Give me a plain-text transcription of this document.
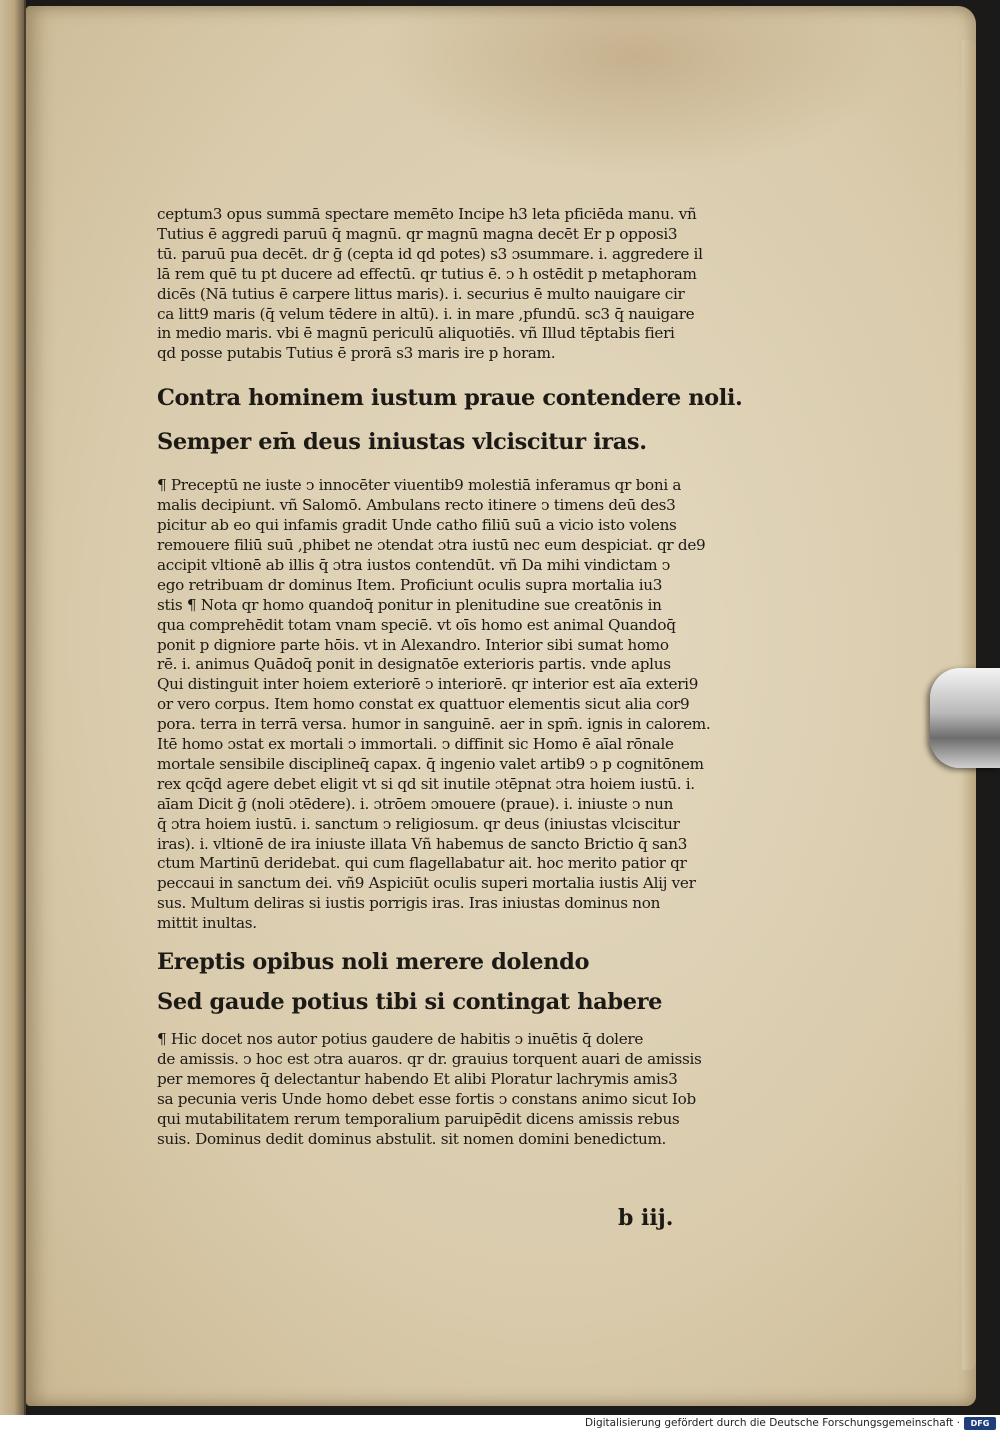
ceptum3 opus summā spectare memēto Incipe h3 leta pficiēda manu. vñ

Tutius ē aggredi paruū q̄ magnū. qr magnū magna decēt Er p opposi3

tū. paruū pua decēt. dr ḡ (cepta id qd potes) s3 ɔsummare. i. aggredere il

lā rem quē tu pt ducere ad effectū. qr tutius ē. ↄ h ostēdit p metaphoram

dicēs (Nā tutius ē carpere littus maris). i. securius ē multo nauigare cir

ca litt9 maris (q̄ velum tēdere in altū). i. in mare ,pfundū. sc3 q̄ nauigare

in medio maris. vbi ē magnū periculū aliquotiēs. vñ Illud tēptabis fieri

qd posse putabis Tutius ē prorā s3 maris ire p horam.

Contra hominem iustum praue contendere noli.

Semper em̄ deus iniustas vlciscitur iras.

¶ Preceptū ne iuste ↄ innocēter viuentib9 molestiā inferamus qr boni a

malis decipiunt. vñ Salomō. Ambulans recto itinere ↄ timens deū des3

picitur ab eo qui infamis gradit Unde catho filiū suū a vicio isto volens

remouere filiū suū ,phibet ne ɔtendat ɔtra iustū nec eum despiciat. qr de9

accipit vltionē ab illis q̄ ɔtra iustos contendūt. vñ Da mihi vindictam ↄ

ego retribuam dr dominus Item. Proficiunt oculis supra mortalia iu3

stis ¶ Nota qr homo quandoq̄ ponitur in plenitudine sue creatōnis in

qua comprehēdit totam vnam speciē. vt oīs homo est animal Quandoq̄

ponit p digniore parte hōis. vt in Alexandro. Interior sibi sumat homo

rē. i. animus Quādoq̄ ponit in designatōe exterioris partis. vnde aplus

Qui distinguit inter hoiem exteriorē ↄ interiorē. qr interior est aīa exteri9

or vero corpus. Item homo constat ex quattuor elementis sicut alia cor9

pora. terra in terrā versa. humor in sanguinē. aer in spm̄. ignis in calorem.

Itē homo ɔstat ex mortali ↄ immortali. ↄ diffinit sic Homo ē aīal rōnale

mortale sensibile disciplineq̄ capax. q̄ ingenio valet artib9 ↄ p cognitōnem

rex qcq̄d agere debet eligit vt si qd sit inutile ɔtēpnat ɔtra hoiem iustū. i.

aīam Dicit ḡ (noli ɔtēdere). i. ɔtrōem ɔmouere (praue). i. iniuste ↄ nun

q̄ ɔtra hoiem iustū. i. sanctum ↄ religiosum. qr deus (iniustas vlciscitur

iras). i. vltionē de ira iniuste illata Vñ habemus de sancto Brictio q̄ san3

ctum Martinū deridebat. qui cum flagellabatur ait. hoc merito patior qr

peccaui in sanctum dei. vñ9 Aspiciūt oculis superi mortalia iustis Alij ver

sus. Multum deliras si iustis porrigis iras. Iras iniustas dominus non

mittit inultas.

Ereptis opibus noli merere dolendo

Sed gaude potius tibi si contingat habere

¶ Hic docet nos autor potius gaudere de habitis ↄ inuētis q̄ dolere

de amissis. ↄ hoc est ɔtra auaros. qr dr. grauius torquent auari de amissis

per memores q̄ delectantur habendo Et alibi Ploratur lachrymis amis3

sa pecunia veris Unde homo debet esse fortis ↄ constans animo sicut Iob

qui mutabilitatem rerum temporalium paruipēdit dicens amissis rebus

suis. Dominus dedit dominus abstulit. sit nomen domini benedictum.

b iij.
Digitalisierung gefördert durch die Deutsche Forschungsgemeinschaft ·	DFG
